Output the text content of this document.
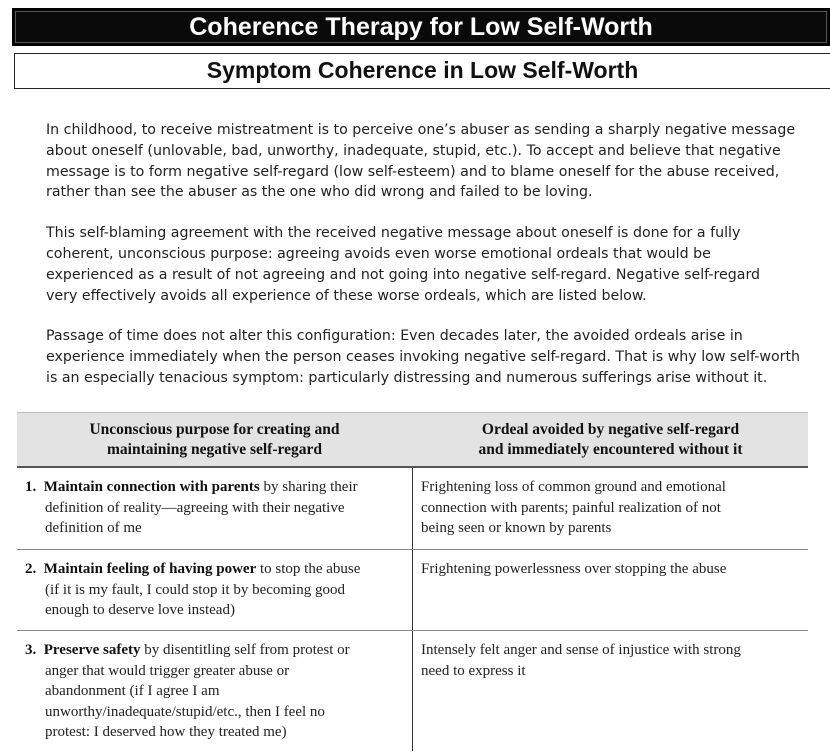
Coherence Therapy for Low Self-Worth
Symptom Coherence in Low Self-Worth

In childhood, to receive mistreatment is to perceive one’s abuser as sending a sharply negative message
about oneself (unlovable, bad, unworthy, inadequate, stupid, etc.). To accept and believe that negative
message is to form negative self-regard (low self-esteem) and to blame oneself for the abuse received,
rather than see the abuser as the one who did wrong and failed to be loving.

This self-blaming agreement with the received negative message about oneself is done for a fully
coherent, unconscious purpose: agreeing avoids even worse emotional ordeals that would be
experienced as a result of not agreeing and not going into negative self-regard. Negative self-regard
very effectively avoids all experience of these worse ordeals, which are listed below.

Passage of time does not alter this configuration: Even decades later, the avoided ordeals arise in
experience immediately when the person ceases invoking negative self-regard. That is why low self-worth
is an especially tenacious symptom: particularly distressing and numerous sufferings arise without it.

Unconscious purpose for creating and
maintaining negative self-regard
Ordeal avoided by negative self-regard
and immediately encountered without it
1. Maintain connection with parents by sharing their
definition of reality—agreeing with their negative
definition of me
Frightening loss of common ground and emotional
connection with parents; painful realization of not
being seen or known by parents
2. Maintain feeling of having power to stop the abuse
(if it is my fault, I could stop it by becoming good
enough to deserve love instead)
Frightening powerlessness over stopping the abuse
3. Preserve safety by disentitling self from protest or
anger that would trigger greater abuse or
abandonment (if I agree I am
unworthy/inadequate/stupid/etc., then I feel no
protest: I deserved how they treated me)
Intensely felt anger and sense of injustice with strong
need to express it
